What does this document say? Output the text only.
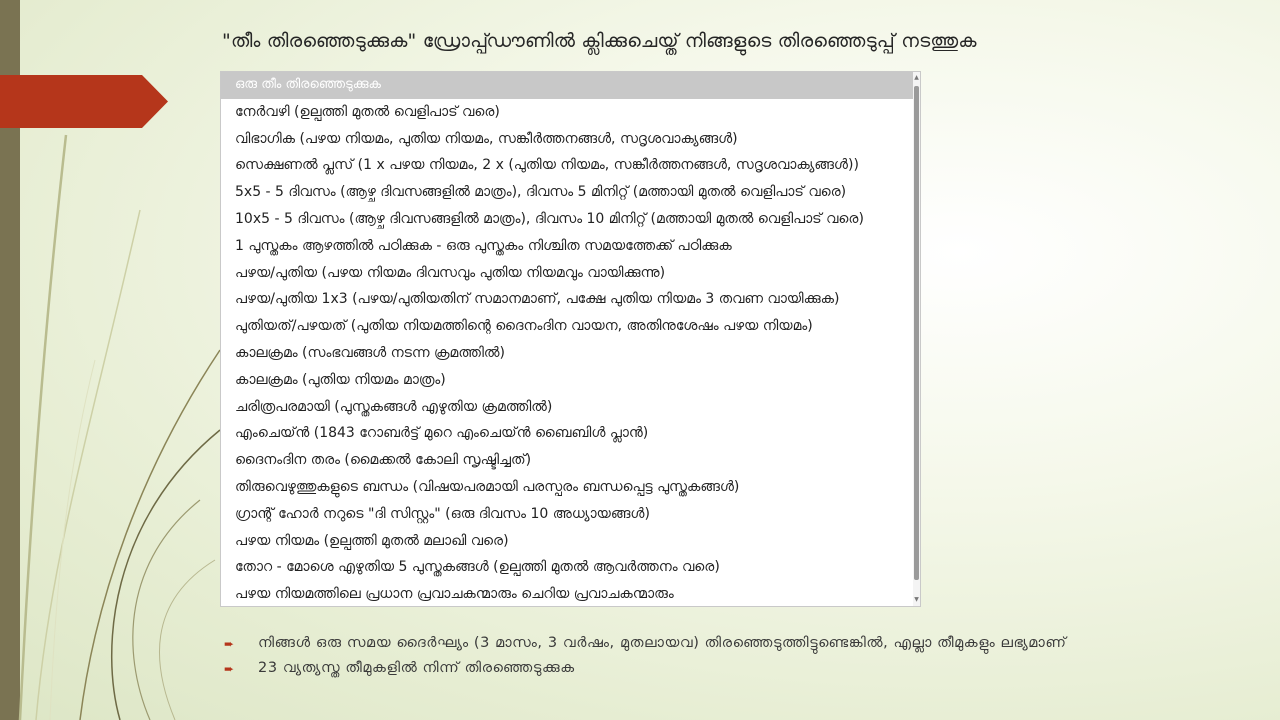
"തീം തിരഞ്ഞെടുക്കുക" ഡ്രോപ്പ്ഡൗണിൽ ക്ലിക്കുചെയ്ത് നിങ്ങളുടെ തിരഞ്ഞെടുപ്പ് നടത്തുക
ഒരു തീം തിരഞ്ഞെടുക്കുക
നേർവഴി (ഉല്പത്തി മുതൽ വെളിപാട് വരെ)
വിഭാഗിക (പഴയ നിയമം, പുതിയ നിയമം, സങ്കീർത്തനങ്ങൾ, സദൃശവാക്യങ്ങൾ)
സെക്ഷണൽ പ്ലസ് (1 x പഴയ നിയമം, 2 x (പുതിയ നിയമം, സങ്കീർത്തനങ്ങൾ, സദൃശവാക്യങ്ങൾ))
5x5 - 5 ദിവസം (ആഴ്ച ദിവസങ്ങളിൽ മാത്രം), ദിവസം 5 മിനിറ്റ് (മത്തായി മുതൽ വെളിപാട് വരെ)
10x5 - 5 ദിവസം (ആഴ്ച ദിവസങ്ങളിൽ മാത്രം), ദിവസം 10 മിനിറ്റ് (മത്തായി മുതൽ വെളിപാട് വരെ)
1 പുസ്തകം ആഴത്തിൽ പഠിക്കുക - ഒരു പുസ്തകം നിശ്ചിത സമയത്തേക്ക് പഠിക്കുക
പഴയ/പുതിയ (പഴയ നിയമം ദിവസവും പുതിയ നിയമവും വായിക്കുന്നു)
പഴയ/പുതിയ 1x3 (പഴയ/പുതിയതിന് സമാനമാണ്, പക്ഷേ പുതിയ നിയമം 3 തവണ വായിക്കുക)
പുതിയത്/പഴയത് (പുതിയ നിയമത്തിന്റെ ദൈനംദിന വായന, അതിനുശേഷം പഴയ നിയമം)
കാലക്രമം (സംഭവങ്ങൾ നടന്ന ക്രമത്തിൽ)
കാലക്രമം (പുതിയ നിയമം മാത്രം)
ചരിത്രപരമായി (പുസ്തകങ്ങൾ എഴുതിയ ക്രമത്തിൽ)
എംചെയ്ൻ (1843 റോബർട്ട് മുറെ എംചെയ്ൻ ബൈബിൾ പ്ലാൻ)
ദൈനംദിന തരം (മൈക്കൽ കോലി സൃഷ്ടിച്ചത്)
തിരുവെഴുത്തുകളുടെ ബന്ധം (വിഷയപരമായി പരസ്പരം ബന്ധപ്പെട്ട പുസ്തകങ്ങൾ)
ഗ്രാന്റ് ഹോർ നറുടെ "ദി സിസ്റ്റം" (ഒരു ദിവസം 10 അധ്യായങ്ങൾ)
പഴയ നിയമം (ഉല്പത്തി മുതൽ മലാഖി വരെ)
തോറ - മോശെ എഴുതിയ 5 പുസ്തകങ്ങൾ (ഉല്പത്തി മുതൽ ആവർത്തനം വരെ)
പഴയ നിയമത്തിലെ പ്രധാന പ്രവാചകന്മാരും ചെറിയ പ്രവാചകന്മാരും
▲
▼
➨ നിങ്ങൾ ഒരു സമയ ദൈർഘ്യം (3 മാസം, 3 വർഷം, മുതലായവ) തിരഞ്ഞെടുത്തിട്ടുണ്ടെങ്കിൽ, എല്ലാ തീമുകളും ലഭ്യമാണ്
➨ 23 വ്യത്യസ്ത തീമുകളിൽ നിന്ന് തിരഞ്ഞെടുക്കുക
